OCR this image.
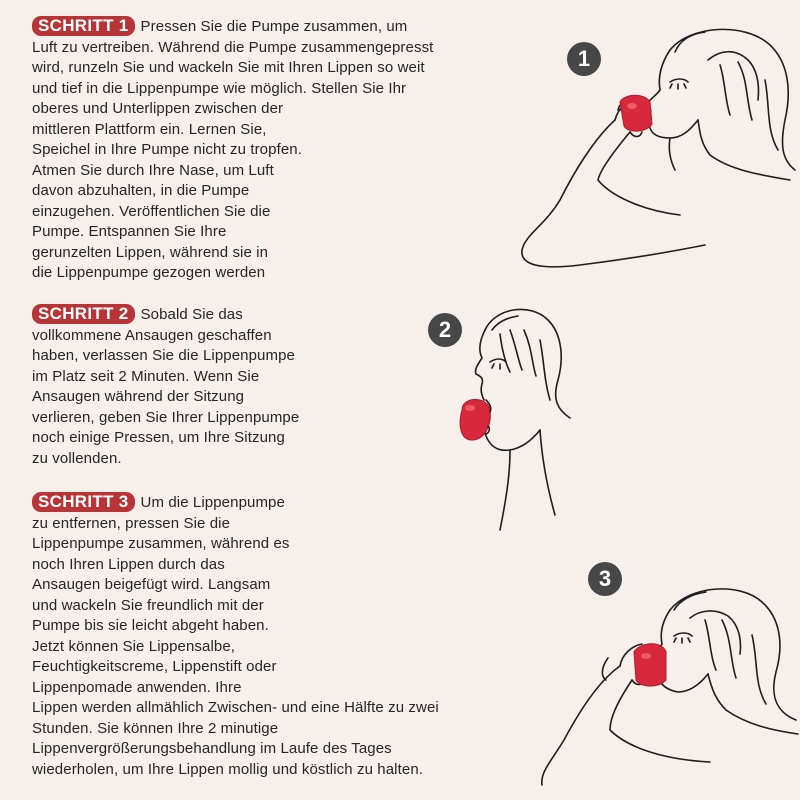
SCHRITT 1 Pressen Sie die Pumpe zusammen, um
Luft zu vertreiben. Während die Pumpe zusammengepresst
wird, runzeln Sie und wackeln Sie mit Ihren Lippen so weit
und tief in die Lippenpumpe wie möglich. Stellen Sie Ihr
oberes und Unterlippen zwischen der
mittleren Plattform ein. Lernen Sie,
Speichel in Ihre Pumpe nicht zu tropfen.
Atmen Sie durch Ihre Nase, um Luft
davon abzuhalten, in die Pumpe
einzugehen. Veröffentlichen Sie die
Pumpe. Entspannen Sie Ihre
gerunzelten Lippen, während sie in
die Lippenpumpe gezogen werden
SCHRITT 2 Sobald Sie das
vollkommene Ansaugen geschaffen
haben, verlassen Sie die Lippenpumpe
im Platz seit 2 Minuten. Wenn Sie
Ansaugen während der Sitzung
verlieren, geben Sie Ihrer Lippenpumpe
noch einige Pressen, um Ihre Sitzung
zu vollenden.
SCHRITT 3 Um die Lippenpumpe
zu entfernen, pressen Sie die
Lippenpumpe zusammen, während es
noch Ihren Lippen durch das
Ansaugen beigefügt wird. Langsam
und wackeln Sie freundlich mit der
Pumpe bis sie leicht abgeht haben.
Jetzt können Sie Lippensalbe,
Feuchtigkeitscreme, Lippenstift oder
Lippenpomade anwenden. Ihre
Lippen werden allmählich Zwischen- und eine Hälfte zu zwei
Stunden. Sie können Ihre 2 minutige
Lippenvergrößerungsbehandlung im Laufe des Tages
wiederholen, um Ihre Lippen mollig und köstlich zu halten.
1
2
3
